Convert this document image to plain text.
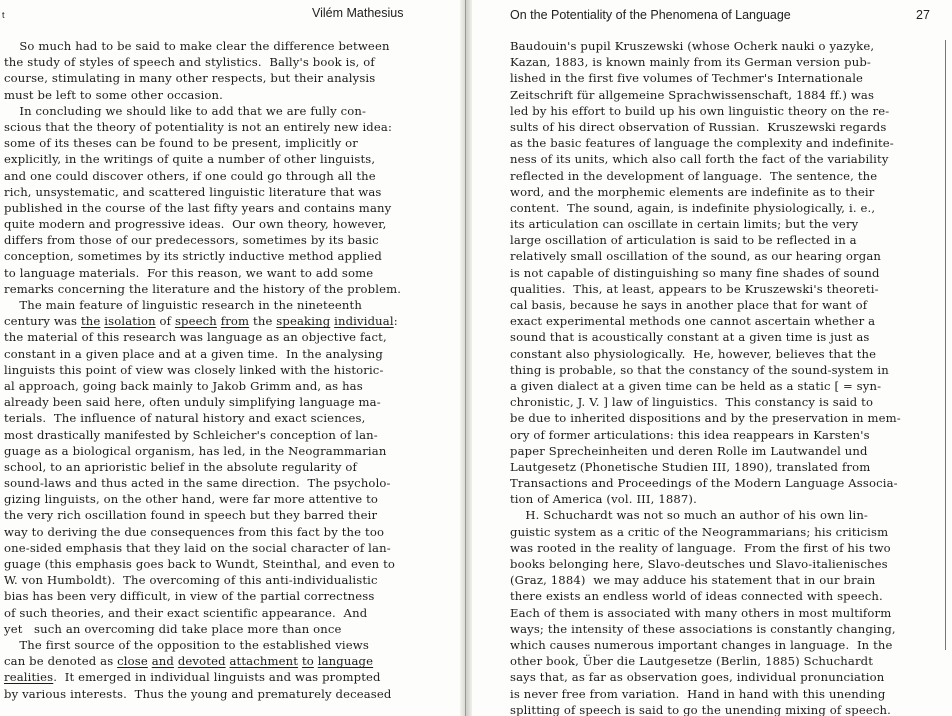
t	Vilém Mathesius
So much had to be said to make clear the difference between
the study of styles of speech and stylistics.  Bally's book is, of
course, stimulating in many other respects, but their analysis
must be left to some other occasion.
In concluding we should like to add that we are fully con-
scious that the theory of potentiality is not an entirely new idea:
some of its theses can be found to be present, implicitly or
explicitly, in the writings of quite a number of other linguists,
and one could discover others, if one could go through all the
rich, unsystematic, and scattered linguistic literature that was
published in the course of the last fifty years and contains many
quite modern and progressive ideas.  Our own theory, however,
differs from those of our predecessors, sometimes by its basic
conception, sometimes by its strictly inductive method applied
to language materials.  For this reason, we want to add some
remarks concerning the literature and the history of the problem.
The main feature of linguistic research in the nineteenth
century was the isolation of speech from the speaking individual:
the material of this research was language as an objective fact,
constant in a given place and at a given time.  In the analysing
linguists this point of view was closely linked with the historic-
al approach, going back mainly to Jakob Grimm and, as has
already been said here, often unduly simplifying language ma-
terials.  The influence of natural history and exact sciences,
most drastically manifested by Schleicher's conception of lan-
guage as a biological organism, has led, in the Neogrammarian
school, to an aprioristic belief in the absolute regularity of
sound-laws and thus acted in the same direction.  The psycholo-
gizing linguists, on the other hand, were far more attentive to
the very rich oscillation found in speech but they barred their
way to deriving the due consequences from this fact by the too
one-sided emphasis that they laid on the social character of lan-
guage (this emphasis goes back to Wundt, Steinthal, and even to
W. von Humboldt).  The overcoming of this anti-individualistic
bias has been very difficult, in view of the partial correctness
of such theories, and their exact scientific appearance.  And
yet   such an overcoming did take place more than once
The first source of the opposition to the established views
can be denoted as close and devoted attachment to language
realities.  It emerged in individual linguists and was prompted
by various interests.  Thus the young and prematurely deceased
On the Potentiality of the Phenomena of Language	27
Baudouin's pupil Kruszewski (whose Ocherk nauki o yazyke,
Kazan, 1883, is known mainly from its German version pub-
lished in the first five volumes of Techmer's Internationale
Zeitschrift für allgemeine Sprachwissenschaft, 1884 ff.) was
led by his effort to build up his own linguistic theory on the re-
sults of his direct observation of Russian.  Kruszewski regards
as the basic features of language the complexity and indefinite-
ness of its units, which also call forth the fact of the variability
reflected in the development of language.  The sentence, the
word, and the morphemic elements are indefinite as to their
content.  The sound, again, is indefinite physiologically, i. e.,
its articulation can oscillate in certain limits; but the very
large oscillation of articulation is said to be reflected in a
relatively small oscillation of the sound, as our hearing organ
is not capable of distinguishing so many fine shades of sound
qualities.  This, at least, appears to be Kruszewski's theoreti-
cal basis, because he says in another place that for want of
exact experimental methods one cannot ascertain whether a
sound that is acoustically constant at a given time is just as
constant also physiologically.  He, however, believes that the
thing is probable, so that the constancy of the sound-system in
a given dialect at a given time can be held as a static [ = syn-
chronistic, J. V. ] law of linguistics.  This constancy is said to
be due to inherited dispositions and by the preservation in mem-
ory of former articulations: this idea reappears in Karsten's
paper Sprecheinheiten und deren Rolle im Lautwandel und
Lautgesetz (Phonetische Studien III, 1890), translated from
Transactions and Proceedings of the Modern Language Associa-
tion of America (vol. III, 1887).
H. Schuchardt was not so much an author of his own lin-
guistic system as a critic of the Neogrammarians; his criticism
was rooted in the reality of language.  From the first of his two
books belonging here, Slavo-deutsches und Slavo-italienisches
(Graz, 1884)  we may adduce his statement that in our brain
there exists an endless world of ideas connected with speech.
Each of them is associated with many others in most multiform
ways; the intensity of these associations is constantly changing,
which causes numerous important changes in language.  In the
other book, Über die Lautgesetze (Berlin, 1885) Schuchardt
says that, as far as observation goes, individual pronunciation
is never free from variation.  Hand in hand with this unending
splitting of speech is said to go the unending mixing of speech.
